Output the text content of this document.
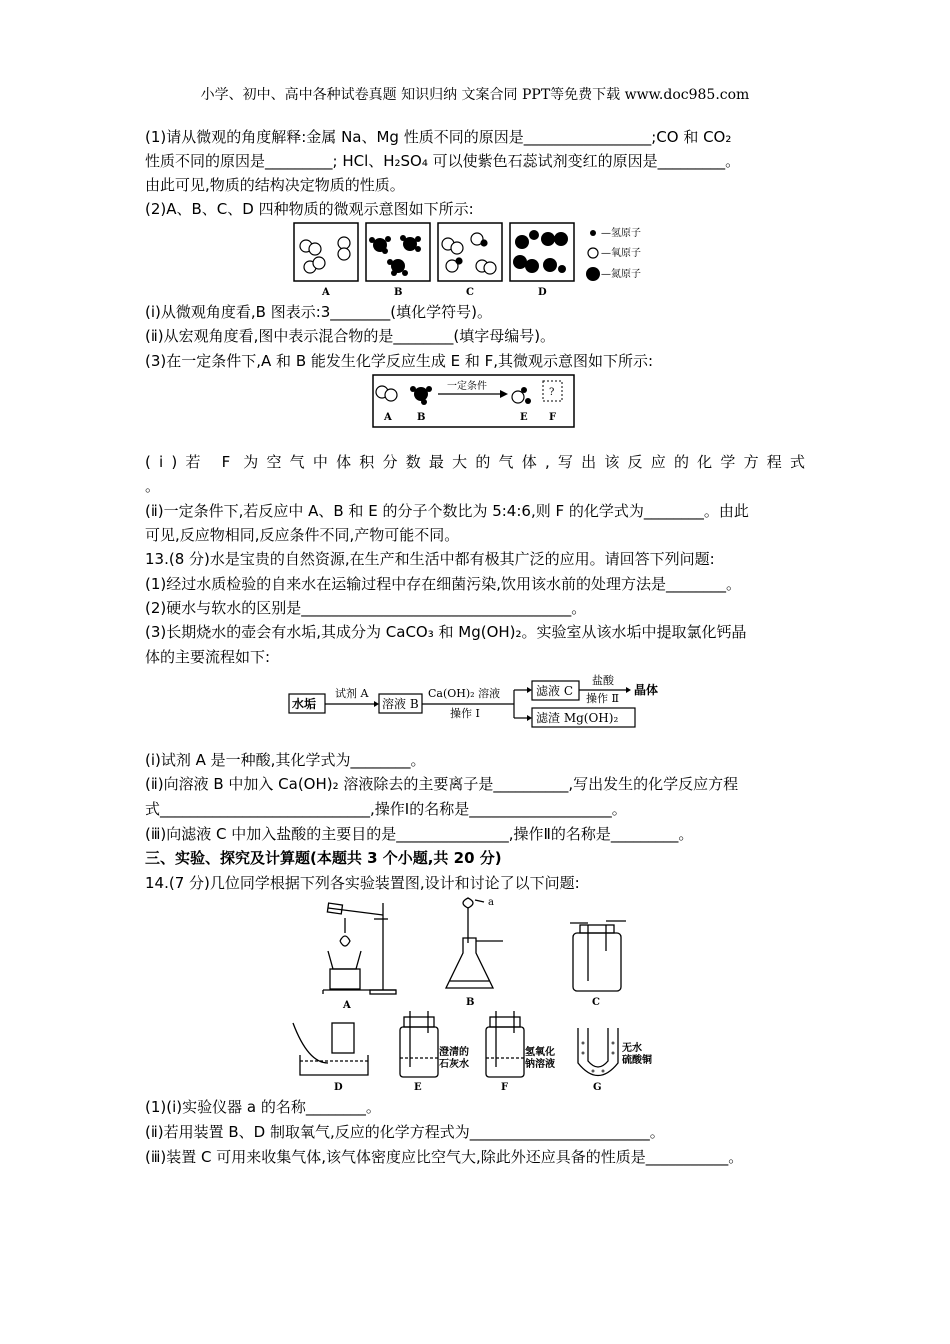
小学、初中、高中各种试卷真题 知识归纳 文案合同 PPT等免费下载 www.doc985.com
(1)请从微观的角度解释:金属 Na、Mg 性质不同的原因是_________________;CO 和 CO₂
性质不同的原因是_________; HCl、H₂SO₄ 可以使紫色石蕊试剂变红的原因是_________。
由此可见,物质的结构决定物质的性质。
(2)A、B、C、D 四种物质的微观示意图如下所示:
A	B	C	D
—氢原子
—氧原子
—氮原子
(ⅰ)从微观角度看,B 图表示:3________(填化学符号)。
(ⅱ)从宏观角度看,图中表示混合物的是________(填字母编号)。
(3)在一定条件下,A 和 B 能发生化学反应生成 E 和 F,其微观示意图如下所示:
一定条件
?
A	B	E F
(ⅰ)若 F 为空气中体积分数最大的气体,写出该反应的化学方程式
。
(ⅱ)一定条件下,若反应中 A、B 和 E 的分子个数比为 5:4:6,则 F 的化学式为________。由此
可见,反应物相同,反应条件不同,产物可能不同。
13.(8 分)水是宝贵的自然资源,在生产和生活中都有极其广泛的应用。请回答下列问题:
(1)经过水质检验的自来水在运输过程中存在细菌污染,饮用该水前的处理方法是________。
(2)硬水与软水的区别是____________________________________。
(3)长期烧水的壶会有水垢,其成分为 CaCO₃ 和 Mg(OH)₂。实验室从该水垢中提取氯化钙晶
体的主要流程如下:
水垢
试剂 A
溶液 B
Ca(OH)₂ 溶液
操作 Ⅰ
滤液 C
盐酸
操作 Ⅱ
晶体
滤渣 Mg(OH)₂
(ⅰ)试剂 A 是一种酸,其化学式为________。
(ⅱ)向溶液 B 中加入 Ca(OH)₂ 溶液除去的主要离子是__________,写出发生的化学反应方程
式____________________________,操作Ⅰ的名称是___________________。
(ⅲ)向滤液 C 中加入盐酸的主要目的是_______________,操作Ⅱ的名称是_________。
三、实验、探究及计算题(本题共 3 个小题,共 20 分)
14.(7 分)几位同学根据下列各实验装置图,设计和讨论了以下问题:
a
A	B	C
D	E	F	G
澄清的
石灰水
氢氧化
钠溶液
无水
硫酸铜
(1)(ⅰ)实验仪器 a 的名称________。
(ⅱ)若用装置 B、D 制取氧气,反应的化学方程式为________________________。
(ⅲ)装置 C 可用来收集气体,该气体密度应比空气大,除此外还应具备的性质是___________。
